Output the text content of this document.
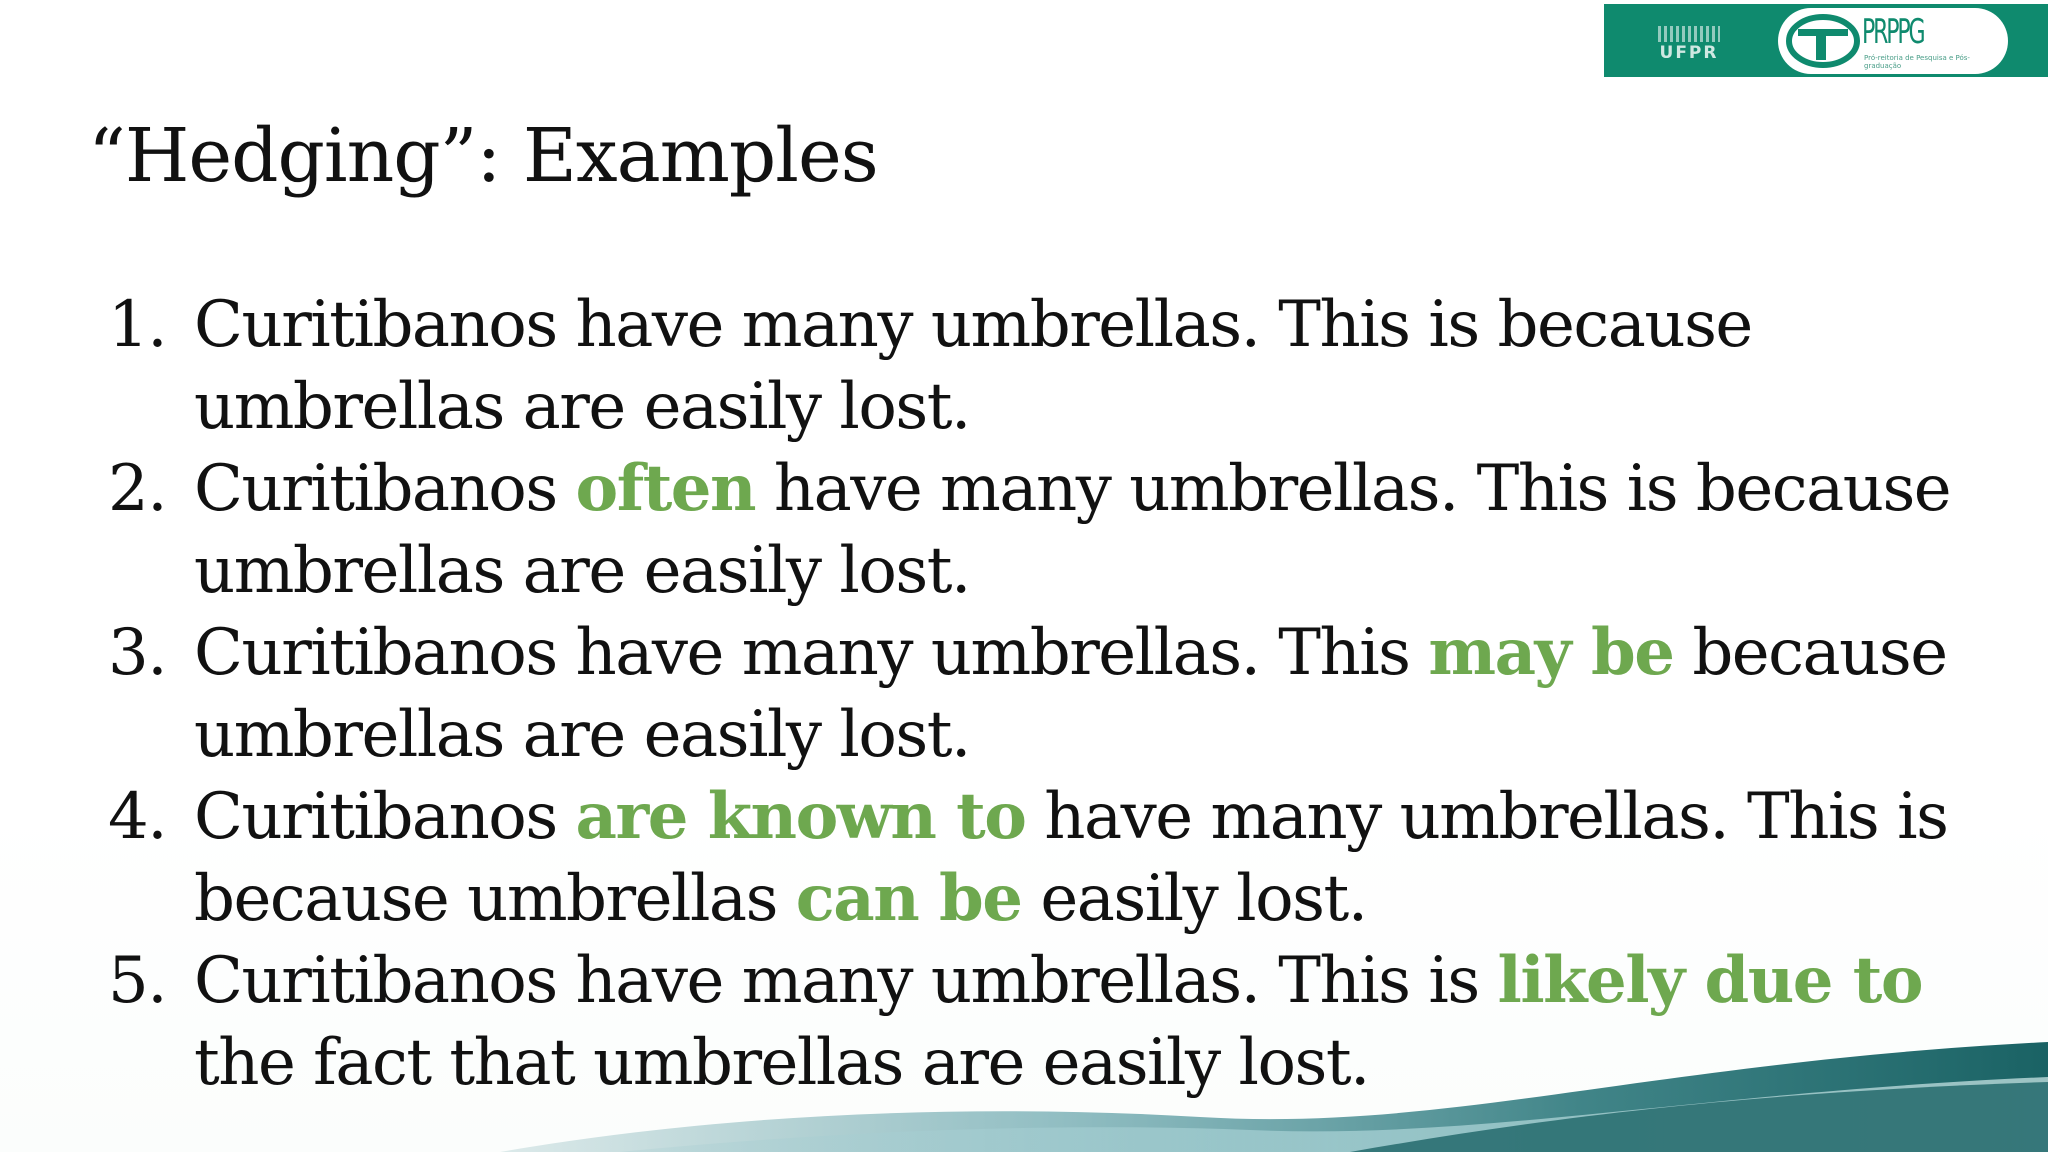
UFPR
PRPPG
Pró-reitoria de Pesquisa e Pós-graduação
“Hedging”: Examples
1. Curitibanos have many umbrellas. This is because umbrellas are easily lost.
2. Curitibanos often have many umbrellas. This is because umbrellas are easily lost.
3. Curitibanos have many umbrellas. This may be because umbrellas are easily lost.
4. Curitibanos are known to have many umbrellas. This is because umbrellas can be easily lost.
5. Curitibanos have many umbrellas. This is likely due to the fact that umbrellas are easily lost.
